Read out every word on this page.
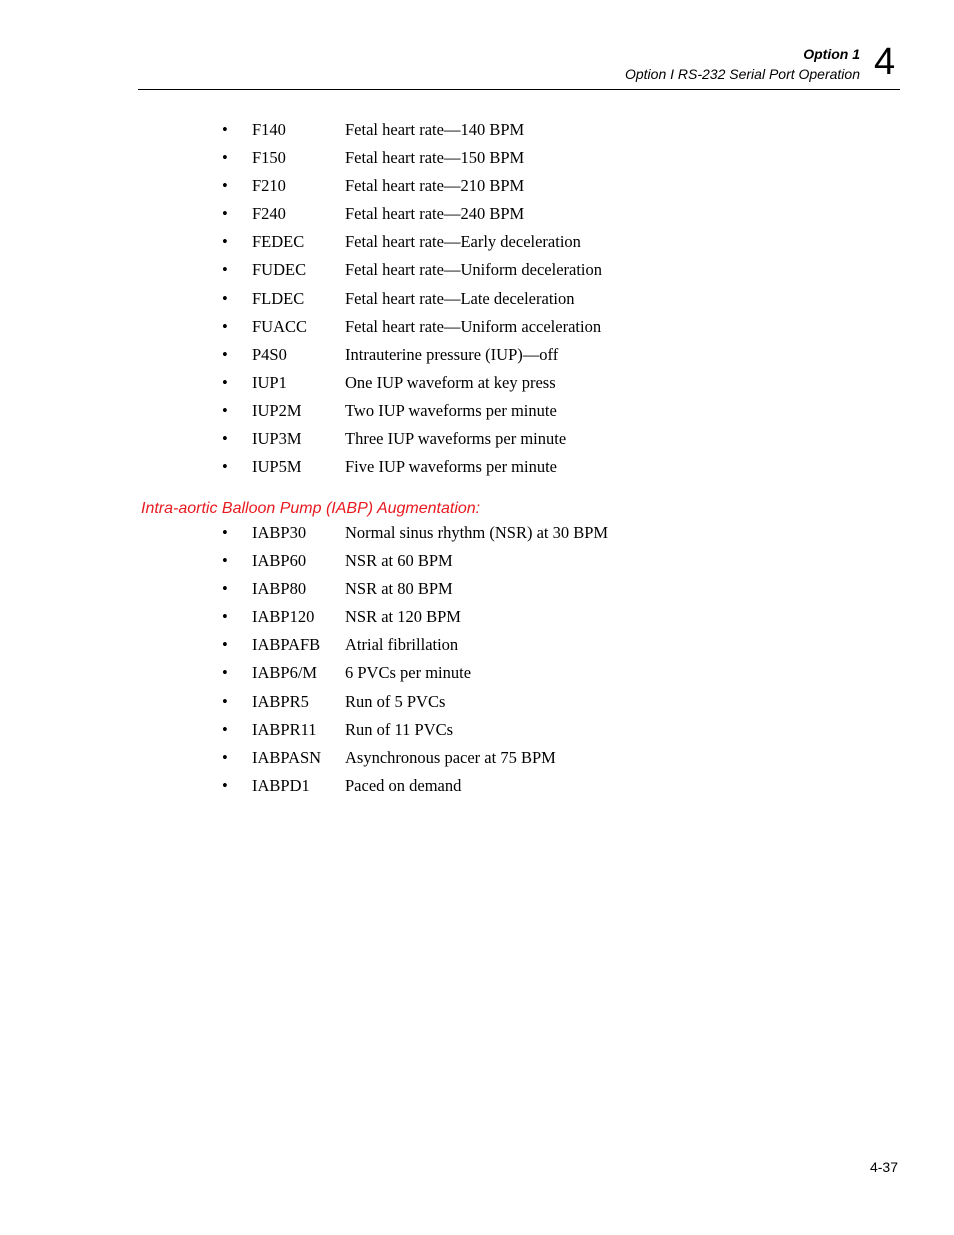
Option 1
Option I RS-232 Serial Port Operation 4
•	F140	Fetal heart rate—140 BPM
•	F150	Fetal heart rate—150 BPM
•	F210	Fetal heart rate—210 BPM
•	F240	Fetal heart rate—240 BPM
•	FEDEC	Fetal heart rate—Early deceleration
•	FUDEC	Fetal heart rate—Uniform deceleration
•	FLDEC	Fetal heart rate—Late deceleration
•	FUACC	Fetal heart rate—Uniform acceleration
•	P4S0	Intrauterine pressure (IUP)—off
•	IUP1	One IUP waveform at key press
•	IUP2M	Two IUP waveforms per minute
•	IUP3M	Three IUP waveforms per minute
•	IUP5M	Five IUP waveforms per minute
Intra-aortic Balloon Pump (IABP) Augmentation:
•	IABP30	Normal sinus rhythm (NSR) at 30 BPM
•	IABP60	NSR at 60 BPM
•	IABP80	NSR at 80 BPM
•	IABP120	NSR at 120 BPM
•	IABPAFB	Atrial fibrillation
•	IABP6/M	6 PVCs per minute
•	IABPR5	Run of 5 PVCs
•	IABPR11	Run of 11 PVCs
•	IABPASN	Asynchronous pacer at 75 BPM
•	IABPD1	Paced on demand
4-37
